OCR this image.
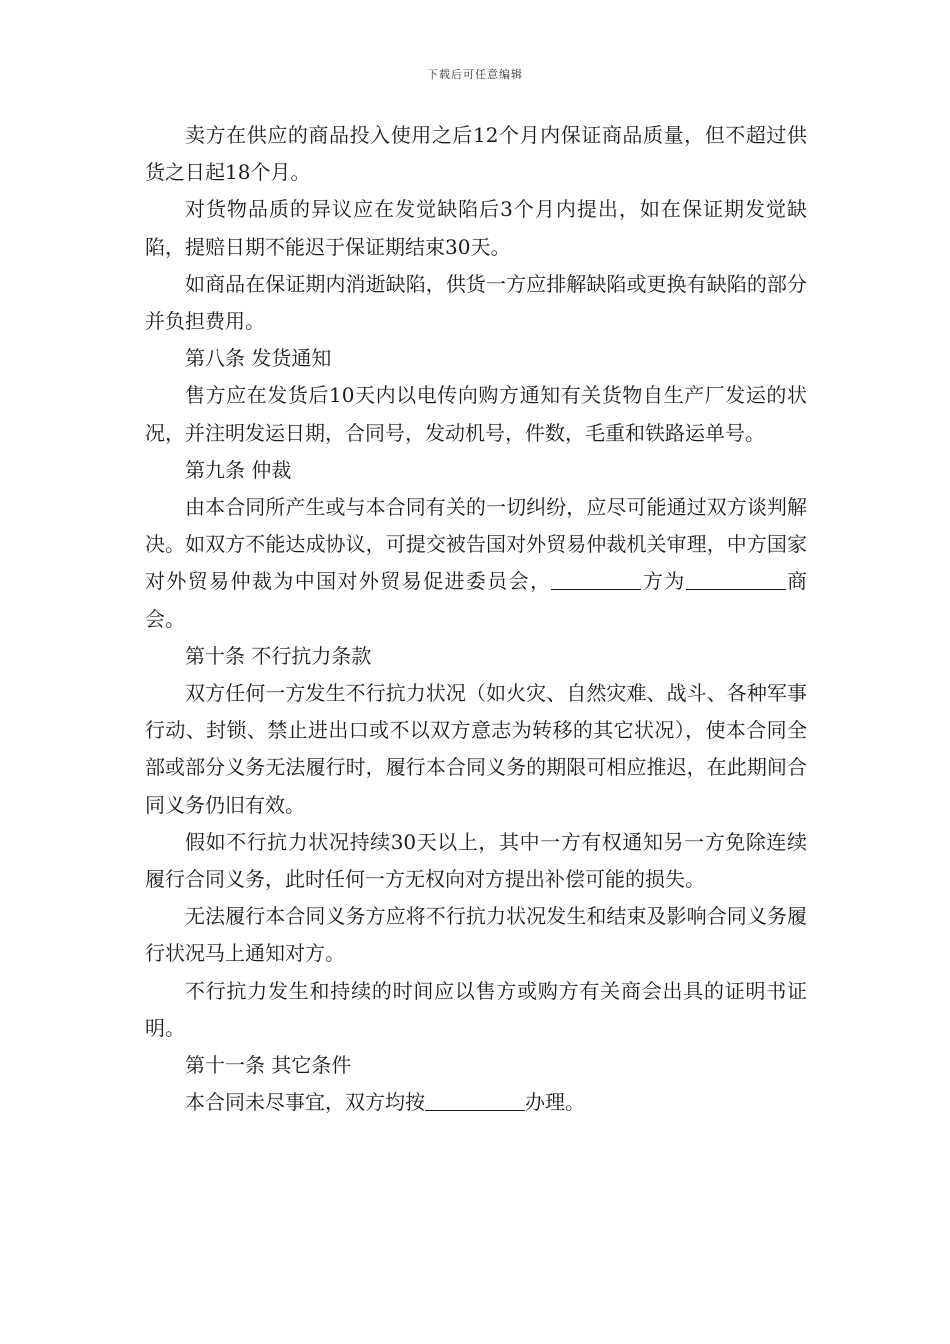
下载后可任意编辑

卖方在供应的商品投入使用之后12个月内保证商品质量，但不超过供货之日起18个月。

对货物品质的异议应在发觉缺陷后3个月内提出，如在保证期发觉缺陷，提赔日期不能迟于保证期结束30天。

如商品在保证期内消逝缺陷，供货一方应排解缺陷或更换有缺陷的部分并负担费用。

第八条 发货通知

售方应在发货后10天内以电传向购方通知有关货物自生产厂发运的状况，并注明发运日期，合同号，发动机号，件数，毛重和铁路运单号。

第九条 仲裁

由本合同所产生或与本合同有关的一切纠纷，应尽可能通过双方谈判解决。如双方不能达成协议，可提交被告国对外贸易仲裁机关审理，中方国家对外贸易仲裁为中国对外贸易促进委员会，	方为	商会。

第十条 不行抗力条款

双方任何一方发生不行抗力状况（如火灾、自然灾难、战斗、各种军事行动、封锁、禁止进出口或不以双方意志为转移的其它状况），使本合同全部或部分义务无法履行时，履行本合同义务的期限可相应推迟，在此期间合同义务仍旧有效。

假如不行抗力状况持续30天以上，其中一方有权通知另一方免除连续履行合同义务，此时任何一方无权向对方提出补偿可能的损失。

无法履行本合同义务方应将不行抗力状况发生和结束及影响合同义务履行状况马上通知对方。

不行抗力发生和持续的时间应以售方或购方有关商会出具的证明书证明。

第十一条 其它条件

本合同未尽事宜，双方均按	办理。
